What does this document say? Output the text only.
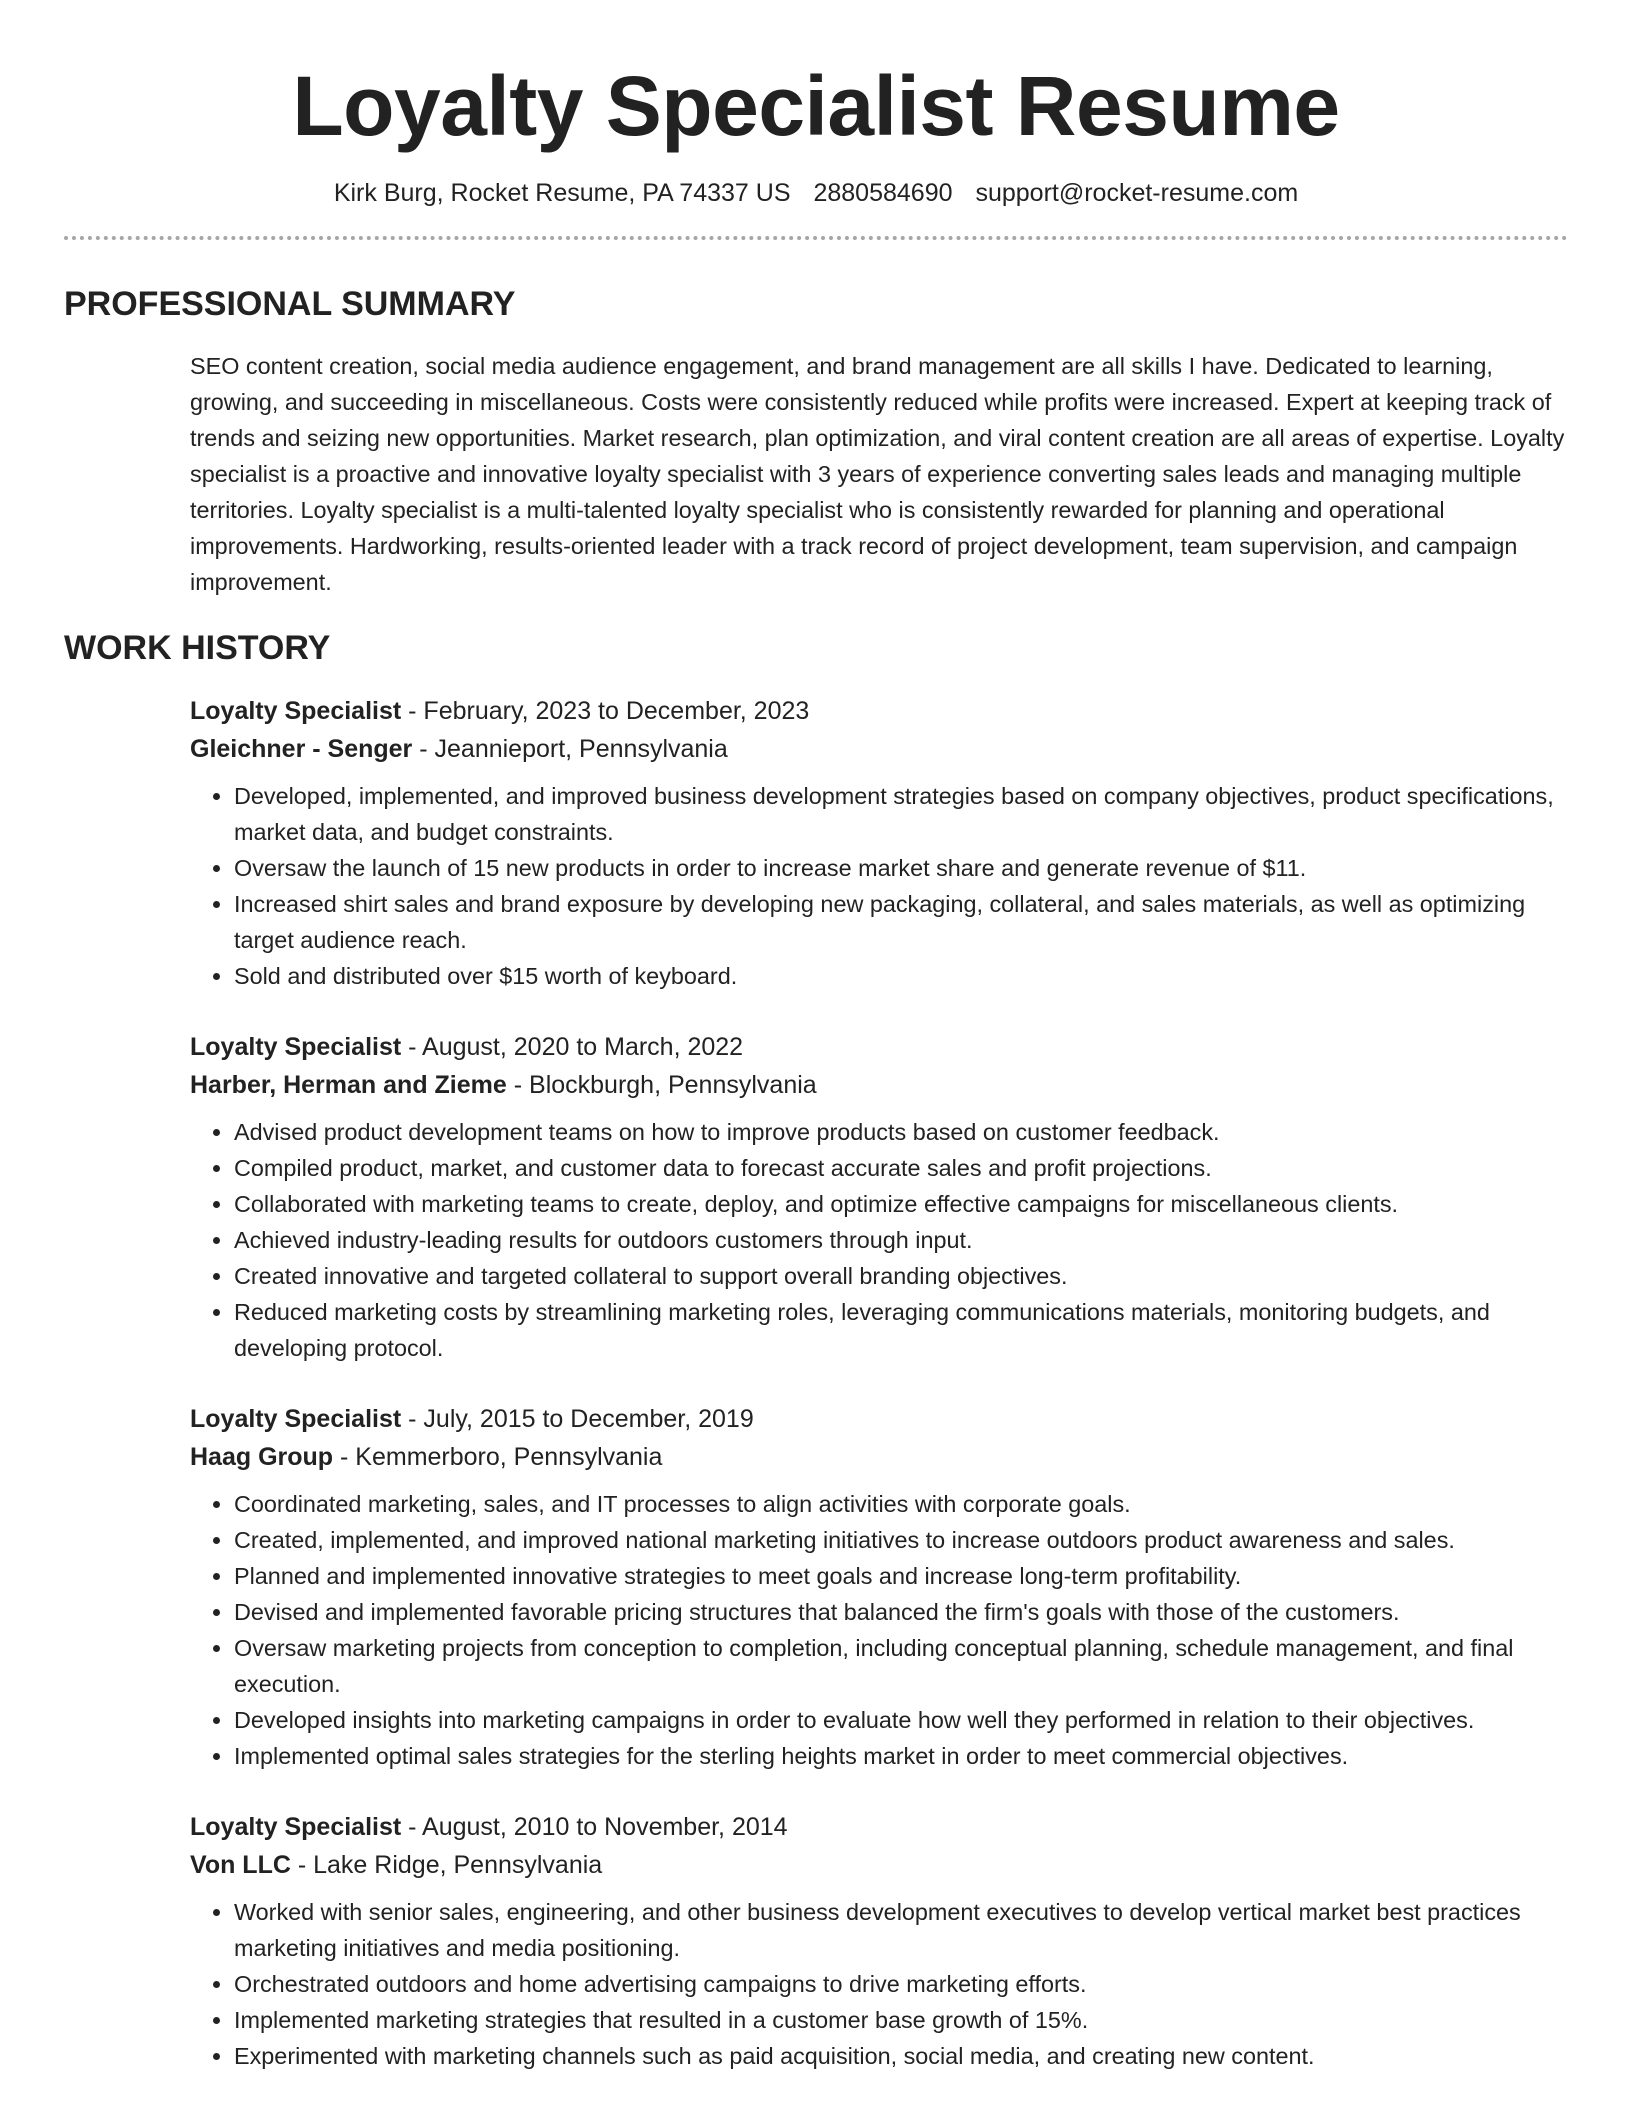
Loyalty Specialist Resume
Kirk Burg, Rocket Resume, PA 74337 US 2880584690 support@rocket-resume.com
PROFESSIONAL SUMMARY

SEO content creation, social media audience engagement, and brand management are all skills I have. Dedicated to learning, growing, and succeeding in miscellaneous. Costs were consistently reduced while profits were increased. Expert at keeping track of trends and seizing new opportunities. Market research, plan optimization, and viral content creation are all areas of expertise. Loyalty specialist is a proactive and innovative loyalty specialist with 3 years of experience converting sales leads and managing multiple territories. Loyalty specialist is a multi-talented loyalty specialist who is consistently rewarded for planning and operational improvements. Hardworking, results-oriented leader with a track record of project development, team supervision, and campaign improvement.

WORK HISTORY
Loyalty Specialist - February, 2023 to December, 2023
Gleichner - Senger - Jeannieport, Pennsylvania
• Developed, implemented, and improved business development strategies based on company objectives, product specifications, market data, and budget constraints.
• Oversaw the launch of 15 new products in order to increase market share and generate revenue of $11.
• Increased shirt sales and brand exposure by developing new packaging, collateral, and sales materials, as well as optimizing target audience reach.
• Sold and distributed over $15 worth of keyboard.
Loyalty Specialist - August, 2020 to March, 2022
Harber, Herman and Zieme - Blockburgh, Pennsylvania
• Advised product development teams on how to improve products based on customer feedback.
• Compiled product, market, and customer data to forecast accurate sales and profit projections.
• Collaborated with marketing teams to create, deploy, and optimize effective campaigns for miscellaneous clients.
• Achieved industry-leading results for outdoors customers through input.
• Created innovative and targeted collateral to support overall branding objectives.
• Reduced marketing costs by streamlining marketing roles, leveraging communications materials, monitoring budgets, and developing protocol.
Loyalty Specialist - July, 2015 to December, 2019
Haag Group - Kemmerboro, Pennsylvania
• Coordinated marketing, sales, and IT processes to align activities with corporate goals.
• Created, implemented, and improved national marketing initiatives to increase outdoors product awareness and sales.
• Planned and implemented innovative strategies to meet goals and increase long-term profitability.
• Devised and implemented favorable pricing structures that balanced the firm's goals with those of the customers.
• Oversaw marketing projects from conception to completion, including conceptual planning, schedule management, and final execution.
• Developed insights into marketing campaigns in order to evaluate how well they performed in relation to their objectives.
• Implemented optimal sales strategies for the sterling heights market in order to meet commercial objectives.
Loyalty Specialist - August, 2010 to November, 2014
Von LLC - Lake Ridge, Pennsylvania
• Worked with senior sales, engineering, and other business development executives to develop vertical market best practices marketing initiatives and media positioning.
• Orchestrated outdoors and home advertising campaigns to drive marketing efforts.
• Implemented marketing strategies that resulted in a customer base growth of 15%.
• Experimented with marketing channels such as paid acquisition, social media, and creating new content.
